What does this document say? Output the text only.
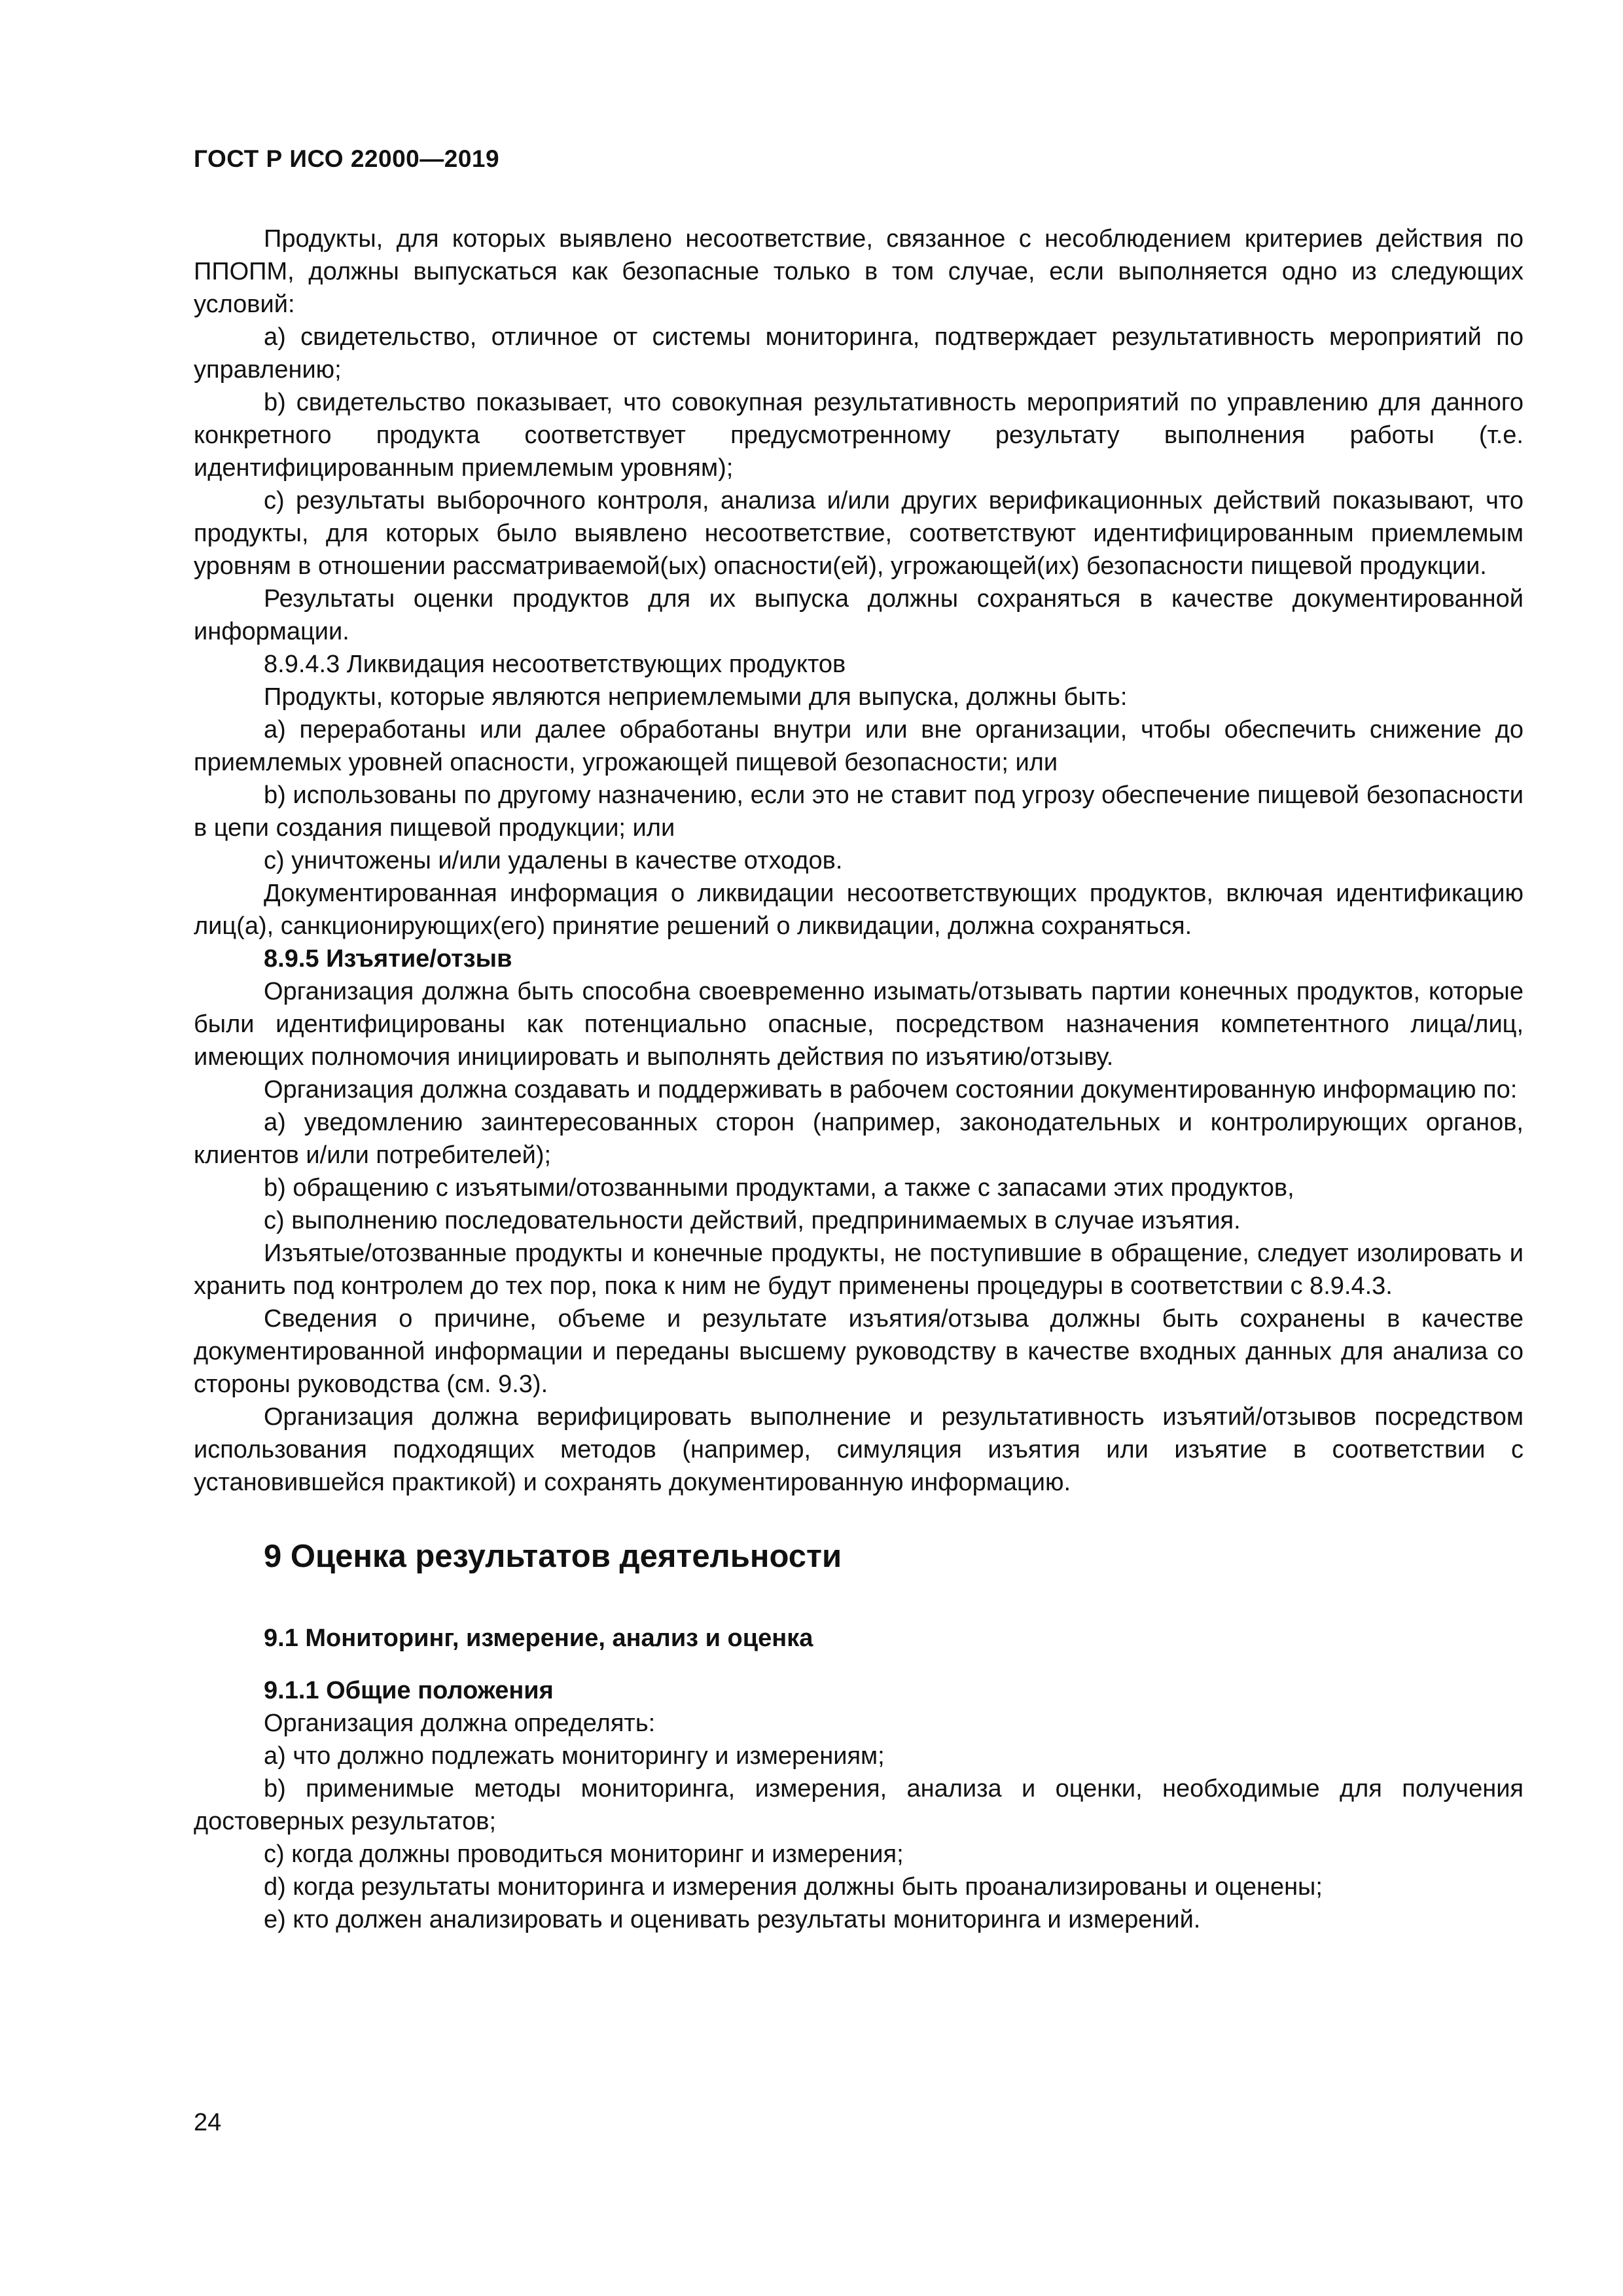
ГОСТ Р ИСО 22000—2019

Продукты, для которых выявлено несоответствие, связанное с несоблюдением критериев действия по ППОПМ, должны выпускаться как безопасные только в том случае, если выполняется одно из следующих условий:

a) свидетельство, отличное от системы мониторинга, подтверждает результативность мероприятий по управлению;

b) свидетельство показывает, что совокупная результативность мероприятий по управлению для данного конкретного продукта соответствует предусмотренному результату выполнения работы (т.е. идентифицированным приемлемым уровням);

c) результаты выборочного контроля, анализа и/или других верификационных действий показывают, что продукты, для которых было выявлено несоответствие, соответствуют идентифицированным приемлемым уровням в отношении рассматриваемой(ых) опасности(ей), угрожающей(их) безопасности пищевой продукции.

Результаты оценки продуктов для их выпуска должны сохраняться в качестве документированной информации.

8.9.4.3 Ликвидация несоответствующих продуктов

Продукты, которые являются неприемлемыми для выпуска, должны быть:

a) переработаны или далее обработаны внутри или вне организации, чтобы обеспечить снижение до приемлемых уровней опасности, угрожающей пищевой безопасности; или

b) использованы по другому назначению, если это не ставит под угрозу обеспечение пищевой безопасности в цепи создания пищевой продукции; или

c) уничтожены и/или удалены в качестве отходов.

Документированная информация о ликвидации несоответствующих продуктов, включая идентификацию лиц(а), санкционирующих(его) принятие решений о ликвидации, должна сохраняться.

8.9.5 Изъятие/отзыв

Организация должна быть способна своевременно изымать/отзывать партии конечных продуктов, которые были идентифицированы как потенциально опасные, посредством назначения компетентного лица/лиц, имеющих полномочия инициировать и выполнять действия по изъятию/отзыву.

Организация должна создавать и поддерживать в рабочем состоянии документированную информацию по:

a) уведомлению заинтересованных сторон (например, законодательных и контролирующих органов, клиентов и/или потребителей);

b) обращению с изъятыми/отозванными продуктами, а также с запасами этих продуктов,

c) выполнению последовательности действий, предпринимаемых в случае изъятия.

Изъятые/отозванные продукты и конечные продукты, не поступившие в обращение, следует изолировать и хранить под контролем до тех пор, пока к ним не будут применены процедуры в соответствии с 8.9.4.3.

Сведения о причине, объеме и результате изъятия/отзыва должны быть сохранены в качестве документированной информации и переданы высшему руководству в качестве входных данных для анализа со стороны руководства (см. 9.3).

Организация должна верифицировать выполнение и результативность изъятий/отзывов посредством использования подходящих методов (например, симуляция изъятия или изъятие в соответствии с установившейся практикой) и сохранять документированную информацию.

9 Оценка результатов деятельности
9.1 Мониторинг, измерение, анализ и оценка
9.1.1 Общие положения

Организация должна определять:

a) что должно подлежать мониторингу и измерениям;

b) применимые методы мониторинга, измерения, анализа и оценки, необходимые для получения достоверных результатов;

c) когда должны проводиться мониторинг и измерения;

d) когда результаты мониторинга и измерения должны быть проанализированы и оценены;

e) кто должен анализировать и оценивать результаты мониторинга и измерений.

24
